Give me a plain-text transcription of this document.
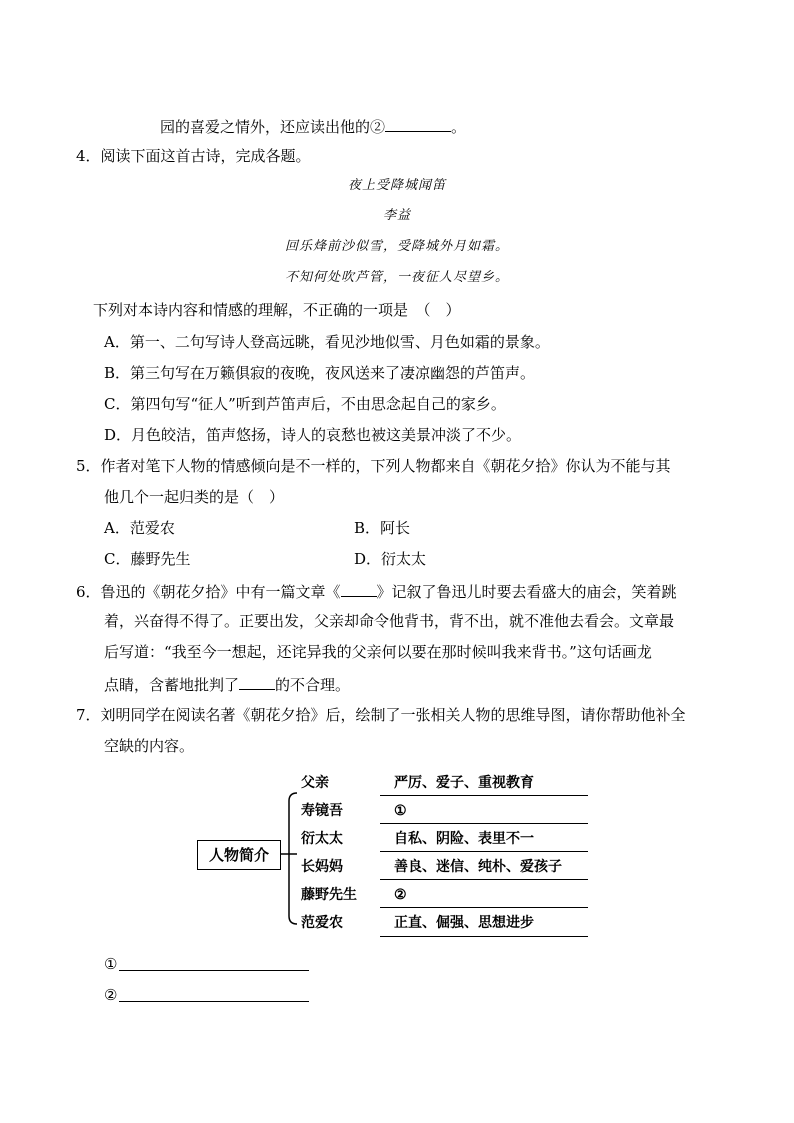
园的喜爱之情外，还应读出他的②	。
4．阅读下面这首古诗，完成各题。
夜上受降城闻笛
李益
回乐烽前沙似雪，受降城外月如霜。
不知何处吹芦管，一夜征人尽望乡。
下列对本诗内容和情感的理解，不正确的一项是　（　）
A．第一、二句写诗人登高远眺，看见沙地似雪、月色如霜的景象。
B．第三句写在万籁俱寂的夜晚，夜风送来了凄凉幽怨的芦笛声。
C．第四句写“征人”听到芦笛声后，不由思念起自己的家乡。
D．月色皎洁，笛声悠扬，诗人的哀愁也被这美景冲淡了不少。
5．作者对笔下人物的情感倾向是不一样的，下列人物都来自《朝花夕拾》你认为不能与其
他几个一起归类的是（　）
A．范爱农	B．阿长
C．藤野先生	D．衍太太
6．鲁迅的《朝花夕拾》中有一篇文章《 》记叙了鲁迅儿时要去看盛大的庙会，笑着跳
着，兴奋得不得了。正要出发，父亲却命令他背书，背不出，就不准他去看会。文章最
后写道：“我至今一想起，还诧异我的父亲何以要在那时候叫我来背书。”这句话画龙
点睛，含蓄地批判了 的不合理。
7．刘明同学在阅读名著《朝花夕拾》后，绘制了一张相关人物的思维导图，请你帮助他补全
空缺的内容。
人物简介
父亲	严厉、爱子、重视教育
寿镜吾	①
衍太太	自私、阴险、表里不一
长妈妈	善良、迷信、纯朴、爱孩子
藤野先生	②
范爱农	正直、倔强、思想进步
①
②
